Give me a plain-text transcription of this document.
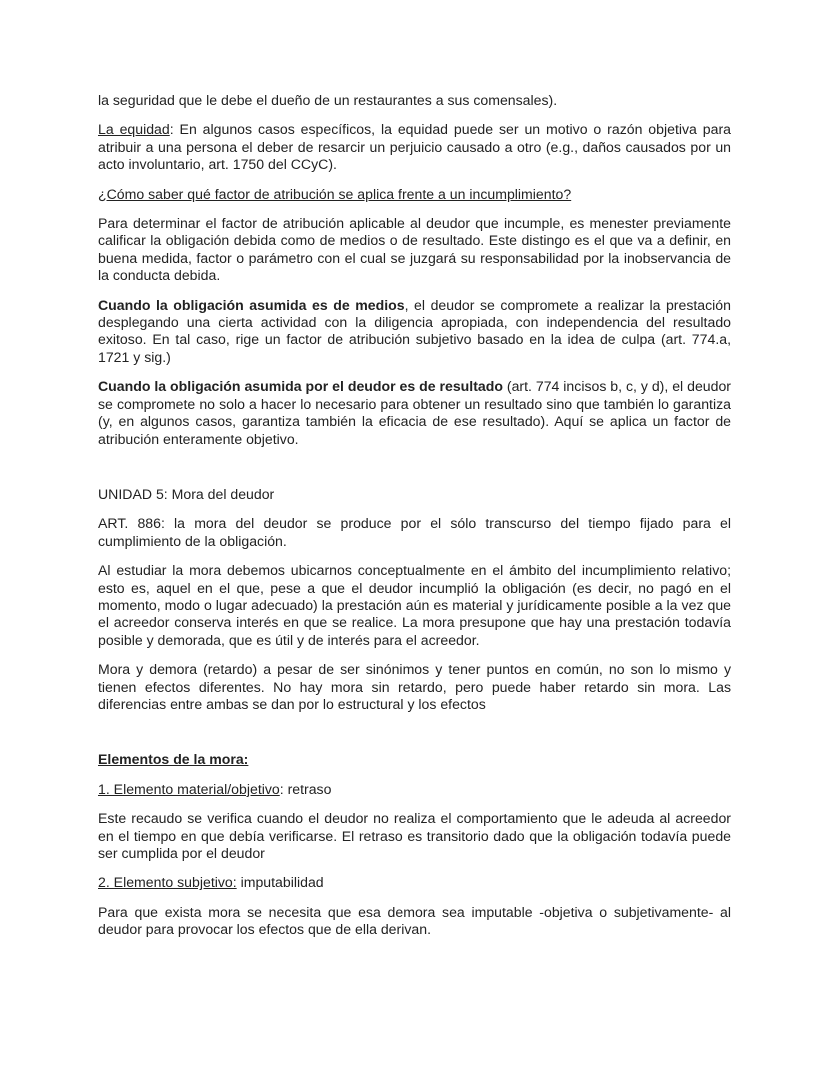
la seguridad que le debe el dueño de un restaurantes a sus comensales).

La equidad: En algunos casos específicos, la equidad puede ser un motivo o razón objetiva para atribuir a una persona el deber de resarcir un perjuicio causado a otro (e.g., daños causados por un acto involuntario, art. 1750 del CCyC).

¿Cómo saber qué factor de atribución se aplica frente a un incumplimiento?

Para determinar el factor de atribución aplicable al deudor que incumple, es menester previamente calificar la obligación debida como de medios o de resultado. Este distingo es el que va a definir, en buena medida, factor o parámetro con el cual se juzgará su responsabilidad por la inobservancia de la conducta debida.

Cuando la obligación asumida es de medios, el deudor se compromete a realizar la prestación desplegando una cierta actividad con la diligencia apropiada, con independencia del resultado exitoso. En tal caso, rige un factor de atribución subjetivo basado en la idea de culpa (art. 774.a, 1721 y sig.)

Cuando la obligación asumida por el deudor es de resultado (art. 774 incisos b, c, y d), el deudor se compromete no solo a hacer lo necesario para obtener un resultado sino que también lo garantiza (y, en algunos casos, garantiza también la eficacia de ese resultado). Aquí se aplica un factor de atribución enteramente objetivo.

UNIDAD 5: Mora del deudor

ART. 886: la mora del deudor se produce por el sólo transcurso del tiempo fijado para el cumplimiento de la obligación.

Al estudiar la mora debemos ubicarnos conceptualmente en el ámbito del incumplimiento relativo; esto es, aquel en el que, pese a que el deudor incumplió la obligación (es decir, no pagó en el momento, modo o lugar adecuado) la prestación aún es material y jurídicamente posible a la vez que el acreedor conserva interés en que se realice. La mora presupone que hay una prestación todavía posible y demorada, que es útil y de interés para el acreedor.

Mora y demora (retardo) a pesar de ser sinónimos y tener puntos en común, no son lo mismo y tienen efectos diferentes. No hay mora sin retardo, pero puede haber retardo sin mora. Las diferencias entre ambas se dan por lo estructural y los efectos

Elementos de la mora:

1. Elemento material/objetivo: retraso

Este recaudo se verifica cuando el deudor no realiza el comportamiento que le adeuda al acreedor en el tiempo en que debía verificarse. El retraso es transitorio dado que la obligación todavía puede ser cumplida por el deudor

2. Elemento subjetivo: imputabilidad

Para que exista mora se necesita que esa demora sea imputable -objetiva o subjetivamente- al deudor para provocar los efectos que de ella derivan.
